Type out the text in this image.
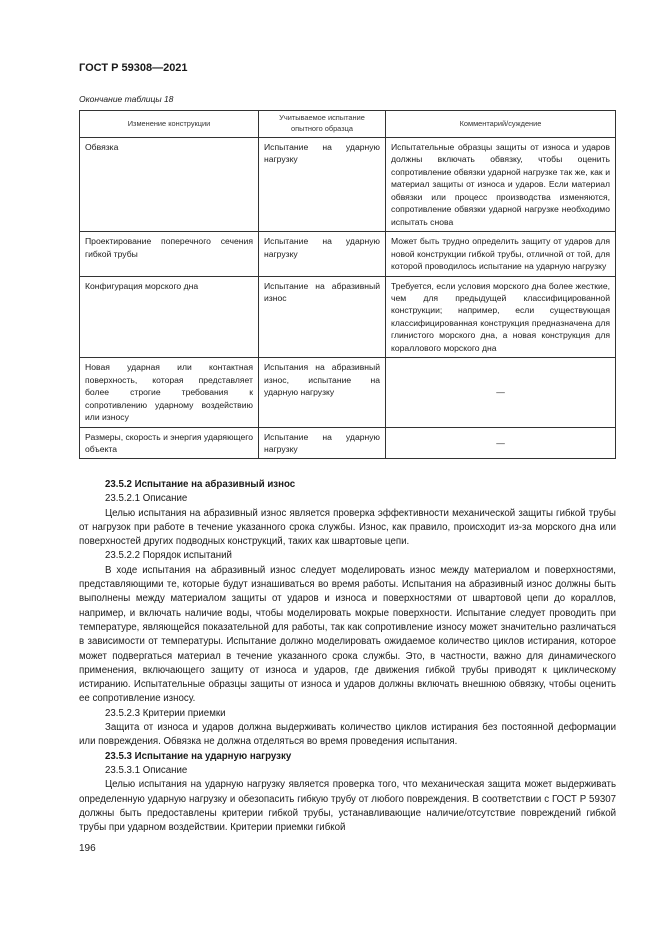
ГОСТ Р 59308—2021
Окончание таблицы 18
Изменение конструкции	Учитываемое испытание опытного образца	Комментарий/суждение
Обвязка	Испытание на ударную нагрузку	Испытательные образцы защиты от износа и ударов должны включать обвязку, чтобы оценить сопротивление обвязки ударной нагрузке так же, как и материал защиты от износа и ударов. Если материал обвязки или процесс производства изменяются, сопротивление обвязки ударной нагрузке необходимо испытать снова
Проектирование поперечного сечения гибкой трубы	Испытание на ударную нагрузку	Может быть трудно определить защиту от ударов для новой конструкции гибкой трубы, отличной от той, для которой проводилось испытание на ударную нагрузку
Конфигурация морского дна	Испытание на абразивный износ	Требуется, если условия морского дна более жесткие, чем для предыдущей классифицированной конструкции; например, если существующая классифицированная конструкция предназначена для глинистого морского дна, а новая конструкция для кораллового морского дна
Новая ударная или контактная поверхность, которая представляет более строгие требования к сопротивлению ударному воздействию или износу	Испытания на абразивный износ, испытание на ударную нагрузку	—
Размеры, скорость и энергия ударяющего объекта	Испытание на ударную нагрузку	—

23.5.2 Испытание на абразивный износ

23.5.2.1 Описание

Целью испытания на абразивный износ является проверка эффективности механической защиты гибкой трубы от нагрузок при работе в течение указанного срока службы. Износ, как правило, происходит из-за морского дна или поверхностей других подводных конструкций, таких как швартовые цепи.

23.5.2.2 Порядок испытаний

В ходе испытания на абразивный износ следует моделировать износ между материалом и поверхностями, представляющими те, которые будут изнашиваться во время работы. Испытания на абразивный износ должны быть выполнены между материалом защиты от ударов и износа и поверхностями от швартовой цепи до кораллов, например, и включать наличие воды, чтобы моделировать мокрые поверхности. Испытание следует проводить при температуре, являющейся показательной для работы, так как сопротивление износу может значительно различаться в зависимости от температуры. Испытание должно моделировать ожидаемое количество циклов истирания, которое может подвергаться материал в течение указанного срока службы. Это, в частности, важно для динамического применения, включающего защиту от износа и ударов, где движения гибкой трубы приводят к циклическому истиранию. Испытательные образцы защиты от износа и ударов должны включать внешнюю обвязку, чтобы оценить ее сопротивление износу.

23.5.2.3 Критерии приемки

Защита от износа и ударов должна выдерживать количество циклов истирания без постоянной деформации или повреждения. Обвязка не должна отделяться во время проведения испытания.

23.5.3 Испытание на ударную нагрузку

23.5.3.1 Описание

Целью испытания на ударную нагрузку является проверка того, что механическая защита может выдерживать определенную ударную нагрузку и обезопасить гибкую трубу от любого повреждения. В соответствии с ГОСТ Р 59307 должны быть предоставлены критерии гибкой трубы, устанавливающие наличие/отсутствие повреждений гибкой трубы при ударном воздействии. Критерии приемки гибкой

196
